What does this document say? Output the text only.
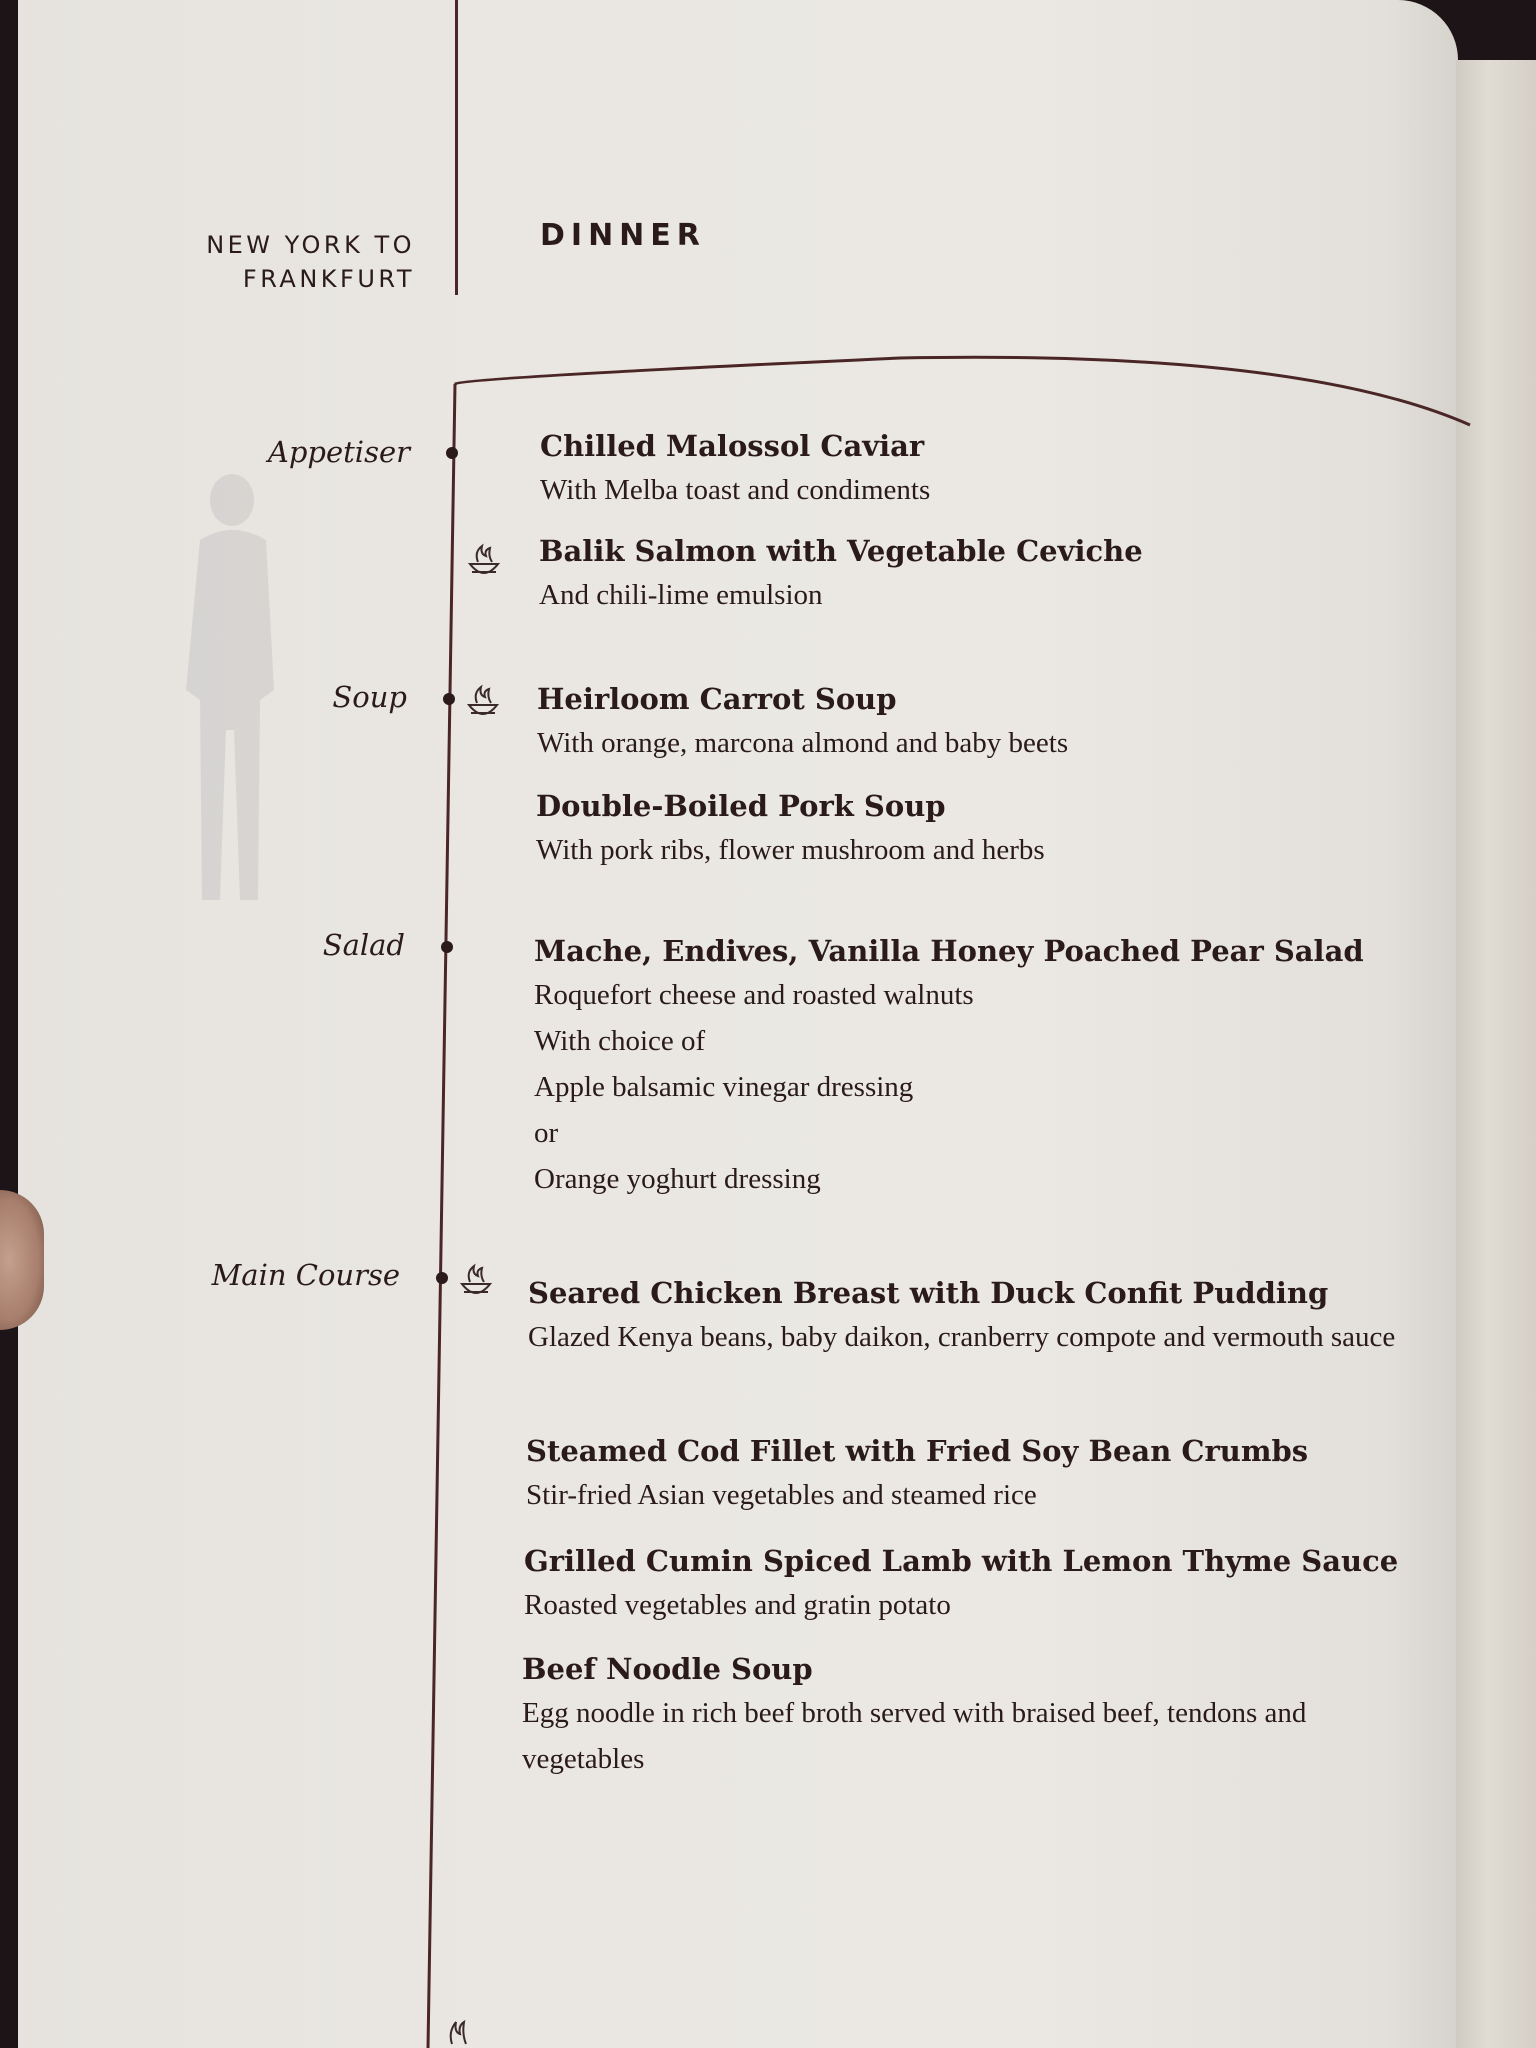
NEW YORK TO
FRANKFURT
DINNER
Appetiser	Chilled Malossol Caviar
With Melba toast and condiments
Balik Salmon with Vegetable Ceviche
And chili-lime emulsion
Soup	Heirloom Carrot Soup
With orange, marcona almond and baby beets
Double-Boiled Pork Soup
With pork ribs, flower mushroom and herbs
Salad	Mache, Endives, Vanilla Honey Poached Pear Salad
Roquefort cheese and roasted walnuts
With choice of
Apple balsamic vinegar dressing
or
Orange yoghurt dressing
Main Course
Seared Chicken Breast with Duck Confit Pudding
Glazed Kenya beans, baby daikon, cranberry compote and vermouth sauce
Steamed Cod Fillet with Fried Soy Bean Crumbs
Stir-fried Asian vegetables and steamed rice
Grilled Cumin Spiced Lamb with Lemon Thyme Sauce
Roasted vegetables and gratin potato
Beef Noodle Soup
Egg noodle in rich beef broth served with braised beef, tendons and vegetables
